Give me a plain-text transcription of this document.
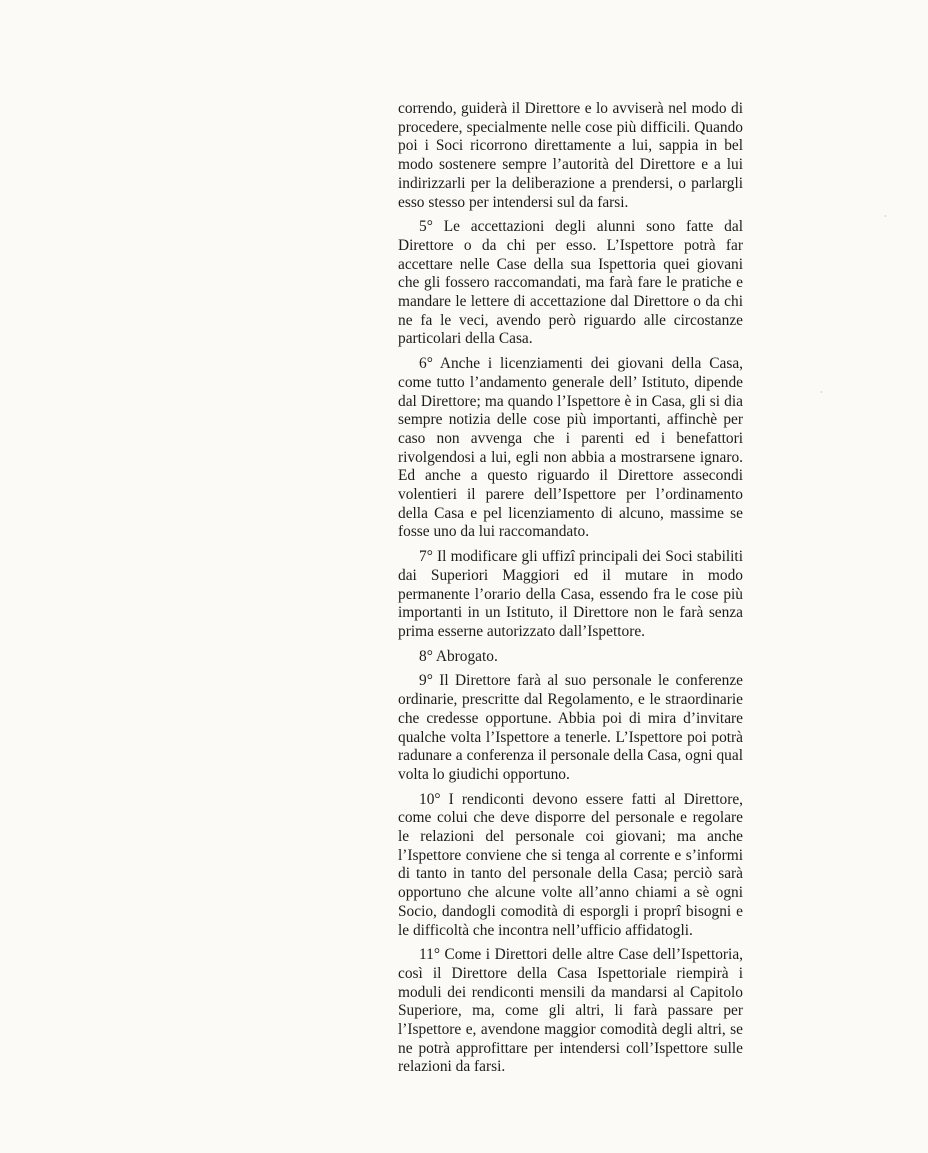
correndo, guiderà il Direttore e lo avviserà nel modo di procedere, specialmente nelle cose più difficili. Quando poi i Soci ricorrono direttamente a lui, sappia in bel modo sostenere sempre l’autorità del Direttore e a lui indirizzarli per la deliberazione a prendersi, o parlargli esso stesso per intendersi sul da farsi.

5° Le accettazioni degli alunni sono fatte dal Direttore o da chi per esso. L’Ispettore potrà far accettare nelle Case della sua Ispettoria quei giovani che gli fossero raccomandati, ma farà fare le pratiche e mandare le lettere di accettazione dal Direttore o da chi ne fa le veci, avendo però riguardo alle circostanze particolari della Casa.

6° Anche i licenziamenti dei giovani della Casa, come tutto l’andamento generale dell’ Istituto, dipende dal Direttore; ma quando l’Ispettore è in Casa, gli si dia sempre notizia delle cose più importanti, affinchè per caso non avvenga che i parenti ed i benefattori rivolgendosi a lui, egli non abbia a mostrarsene ignaro. Ed anche a questo riguardo il Direttore assecondi volentieri il parere dell’Ispettore per l’ordinamento della Casa e pel licenziamento di alcuno, massime se fosse uno da lui raccomandato.

7° Il modificare gli uffizî principali dei Soci stabiliti dai Superiori Maggiori ed il mutare in modo permanente l’orario della Casa, essendo fra le cose più importanti in un Istituto, il Direttore non le farà senza prima esserne autorizzato dall’Ispettore.

8° Abrogato.

9° Il Direttore farà al suo personale le conferenze ordinarie, prescritte dal Regolamento, e le straordinarie che credesse opportune. Abbia poi di mira d’invitare qualche volta l’Ispettore a tenerle. L’Ispettore poi potrà radunare a conferenza il personale della Casa, ogni qual volta lo giudichi opportuno.

10° I rendiconti devono essere fatti al Direttore, come colui che deve disporre del personale e regolare le relazioni del personale coi giovani; ma anche l’Ispettore conviene che si tenga al corrente e s’informi di tanto in tanto del personale della Casa; perciò sarà opportuno che alcune volte all’anno chiami a sè ogni Socio, dandogli comodità di esporgli i proprî bisogni e le difficoltà che incontra nell’ufficio affidatogli.

11° Come i Direttori delle altre Case dell’Ispettoria, così il Direttore della Casa Ispettoriale riempirà i moduli dei rendiconti mensili da mandarsi al Capitolo Superiore, ma, come gli altri, li farà passare per l’Ispettore e, avendone maggior comodità degli altri, se ne potrà approfittare per intendersi coll’Ispettore sulle relazioni da farsi.

·
·
